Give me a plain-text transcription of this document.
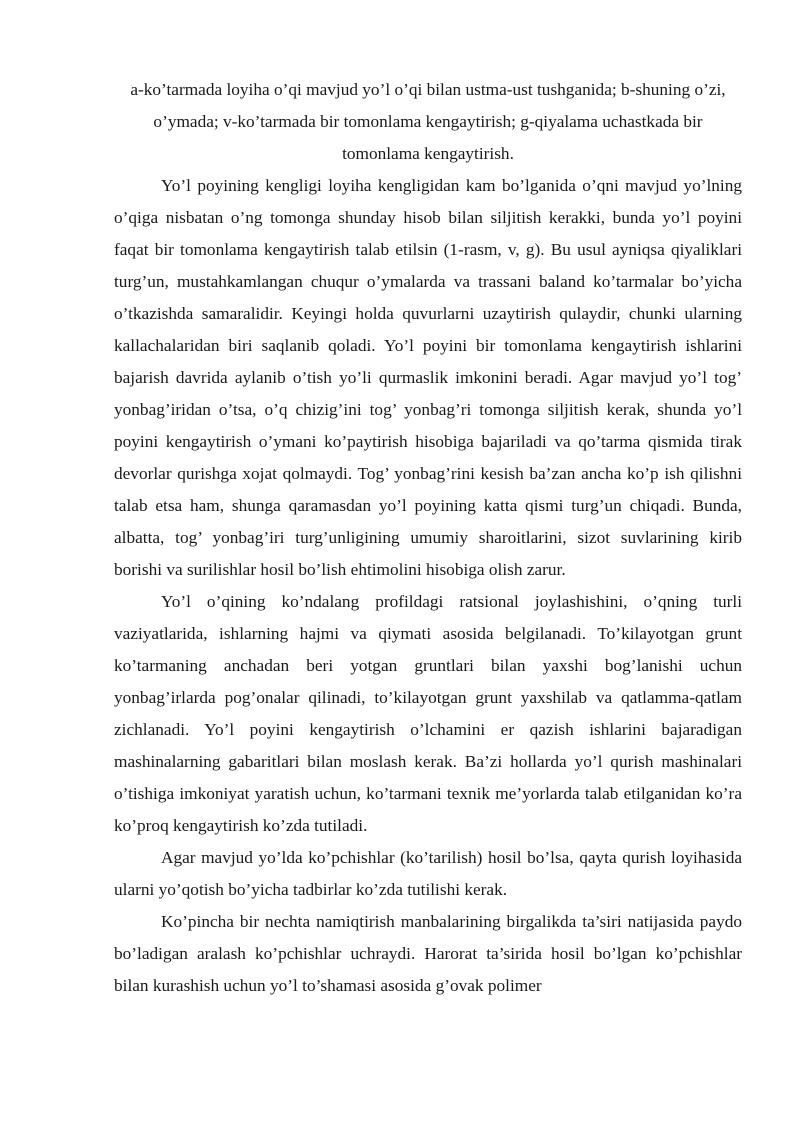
a-ko’tarmada loyiha o’qi mavjud yo’l o’qi bilan ustma-ust tushganida; b-shuning o’zi, o’ymada; v-ko’tarmada bir tomonlama kengaytirish; g-qiyalama uchastkada bir tomonlama kengaytirish.

Yo’l poyining kengligi loyiha kengligidan kam bo’lganida o’qni mavjud yo’lning o’qiga nisbatan o’ng tomonga shunday hisob bilan siljitish kerakki, bunda yo’l poyini faqat bir tomonlama kengaytirish talab etilsin (1-rasm, v, g). Bu usul ayniqsa qiyaliklari turg’un, mustahkamlangan chuqur o’ymalarda va trassani baland ko’tarmalar bo’yicha o’tkazishda samaralidir. Keyingi holda quvurlarni uzaytirish qulaydir, chunki ularning kallachalaridan biri saqlanib qoladi. Yo’l poyini bir tomonlama kengaytirish ishlarini bajarish davrida aylanib o’tish yo’li qurmaslik imkonini beradi. Agar mavjud yo’l tog’ yonbag’iridan o’tsa, o’q chizig’ini tog’ yonbag’ri tomonga siljitish kerak, shunda yo’l poyini kengaytirish o’ymani ko’paytirish hisobiga bajariladi va qo’tarma qismida tirak devorlar qurishga xojat qolmaydi. Tog’ yonbag’rini kesish ba’zan ancha ko’p ish qilishni talab etsa ham, shunga qaramasdan yo’l poyining katta qismi turg’un chiqadi. Bunda, albatta, tog’ yonbag’iri turg’unligining umumiy sharoitlarini, sizot suvlarining kirib borishi va surilishlar hosil bo’lish ehtimolini hisobiga olish zarur.

Yo’l o’qining ko’ndalang profildagi ratsional joylashishini, o’qning turli vaziyatlarida, ishlarning hajmi va qiymati asosida belgilanadi. To’kilayotgan grunt ko’tarmaning anchadan beri yotgan gruntlari bilan yaxshi bog’lanishi uchun yonbag’irlarda pog’onalar qilinadi, to’kilayotgan grunt yaxshilab va qatlamma-qatlam zichlanadi. Yo’l poyini kengaytirish o’lchamini er qazish ishlarini bajaradigan mashinalarning gabaritlari bilan moslash kerak. Ba’zi hollarda yo’l qurish mashinalari o’tishiga imkoniyat yaratish uchun, ko’tarmani texnik me’yorlarda talab etilganidan ko’ra ko’proq kengaytirish ko’zda tutiladi.

Agar mavjud yo’lda ko’pchishlar (ko’tarilish) hosil bo’lsa, qayta qurish loyihasida ularni yo’qotish bo’yicha tadbirlar ko’zda tutilishi kerak.

Ko’pincha bir nechta namiqtirish manbalarining birgalikda ta’siri natijasida paydo bo’ladigan aralash ko’pchishlar uchraydi. Harorat ta’sirida hosil bo’lgan ko’pchishlar bilan kurashish uchun yo’l to’shamasi asosida g’ovak polimer
